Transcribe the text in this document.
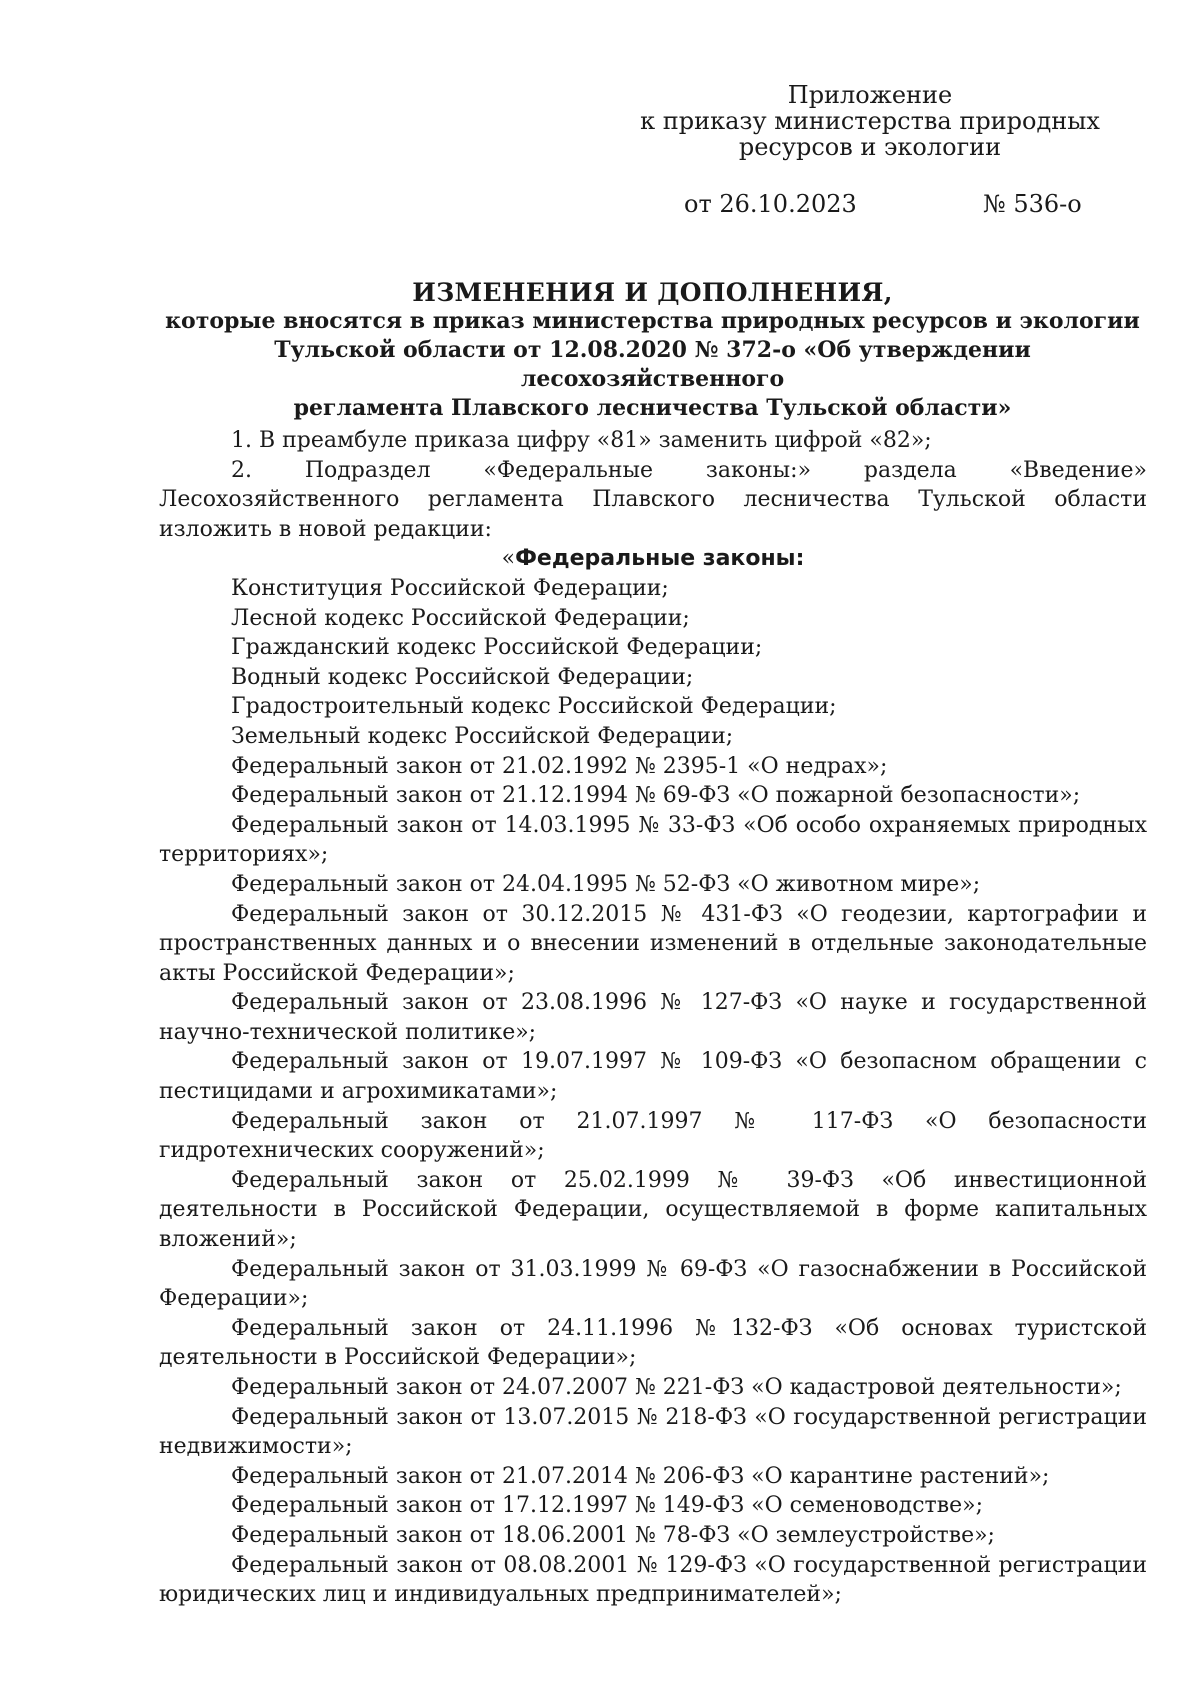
Приложение
к приказу министерства природных
ресурсов и экологии
от 26.10.2023	№ 536-о
ИЗМЕНЕНИЯ И ДОПОЛНЕНИЯ,
которые вносятся в приказ министерства природных ресурсов и экологии
Тульской области от 12.08.2020 № 372-о «Об утверждении лесохозяйственного
регламента Плавского лесничества Тульской области»

1. В преамбуле приказа цифру «81» заменить цифрой «82»;

2. Подраздел «Федеральные законы:» раздела «Введение» Лесохозяйственного регламента Плавского лесничества Тульской области изложить в новой редакции:

«Федеральные законы:

Конституция Российской Федерации;

Лесной кодекс Российской Федерации;

Гражданский кодекс Российской Федерации;

Водный кодекс Российской Федерации;

Градостроительный кодекс Российской Федерации;

Земельный кодекс Российской Федерации;

Федеральный закон от 21.02.1992 № 2395-1 «О недрах»;

Федеральный закон от 21.12.1994 № 69-ФЗ «О пожарной безопасности»;

Федеральный закон от 14.03.1995 № 33-ФЗ «Об особо охраняемых природных территориях»;

Федеральный закон от 24.04.1995 № 52-ФЗ «О животном мире»;

Федеральный закон от 30.12.2015 № 431-ФЗ «О геодезии, картографии и пространственных данных и о внесении изменений в отдельные законодательные акты Российской Федерации»;

Федеральный закон от 23.08.1996 № 127-ФЗ «О науке и государственной научно-технической политике»;

Федеральный закон от 19.07.1997 № 109-ФЗ «О безопасном обращении с пестицидами и агрохимикатами»;

Федеральный закон от 21.07.1997 № 117-ФЗ «О безопасности гидротехнических сооружений»;

Федеральный закон от 25.02.1999 № 39-ФЗ «Об инвестиционной деятельности в Российской Федерации, осуществляемой в форме капитальных вложений»;

Федеральный закон от 31.03.1999 № 69-ФЗ «О газоснабжении в Российской Федерации»;

Федеральный закон от 24.11.1996 №132-ФЗ «Об основах туристской деятельности в Российской Федерации»;

Федеральный закон от 24.07.2007 № 221-ФЗ «О кадастровой деятельности»;

Федеральный закон от 13.07.2015 № 218-ФЗ «О государственной регистрации недвижимости»;

Федеральный закон от 21.07.2014 № 206-ФЗ «О карантине растений»;

Федеральный закон от 17.12.1997 № 149-ФЗ «О семеноводстве»;

Федеральный закон от 18.06.2001 № 78-ФЗ «О землеустройстве»;

Федеральный закон от 08.08.2001 № 129-ФЗ «О государственной регистрации юридических лиц и индивидуальных предпринимателей»;
